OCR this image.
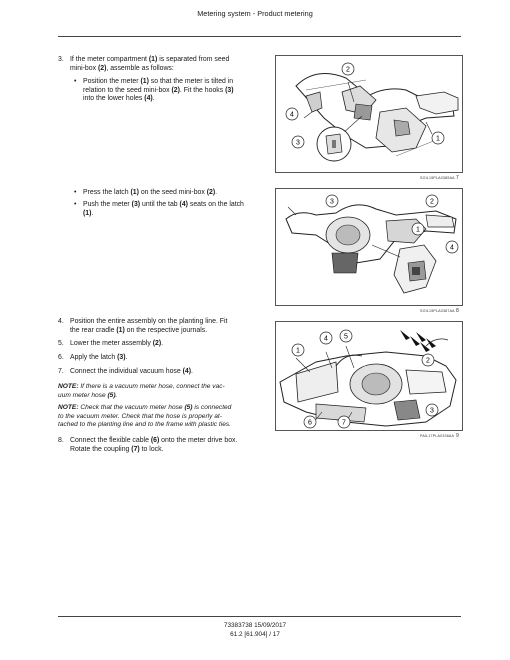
Metering system - Product metering
3. If the meter compartment (1) is separated from seed
mini-box (2), assemble as follows:
• Position the meter (1) so that the meter is tilted in
relation to the seed mini-box (2). Fit the hooks (3)
into the lower holes (4).
2
4
3
1
SOIL15PLA0385AA 7
• Press the latch (1) on the seed mini-box (2).
• Push the meter (3) until the tab (4) seats on the latch
(1).
3	2
1
4
SOIL15PLA0387AA 8
4. Position the entire assembly on the planting line. Fit
the rear cradle (1) on the respective journals.
5. Lower the meter assembly (2).
6. Apply the latch (3).
7. Connect the individual vacuum hose (4).
NOTE: If there is a vacuum meter hose, connect the vac-
uum meter hose (5).
NOTE: Check that the vacuum meter hose (5) is connected
to the vacuum meter. Check that the hose is properly at-
tached to the planting line and to the frame with plastic ties.
8. Connect the flexible cable (6) onto the meter drive box.
Rotate the coupling (7) to lock.
4 5
1
2
3
6	7
PAIL17PLA0336AA 9
73383738 15/09/2017
61.2 [61.904] / 17
